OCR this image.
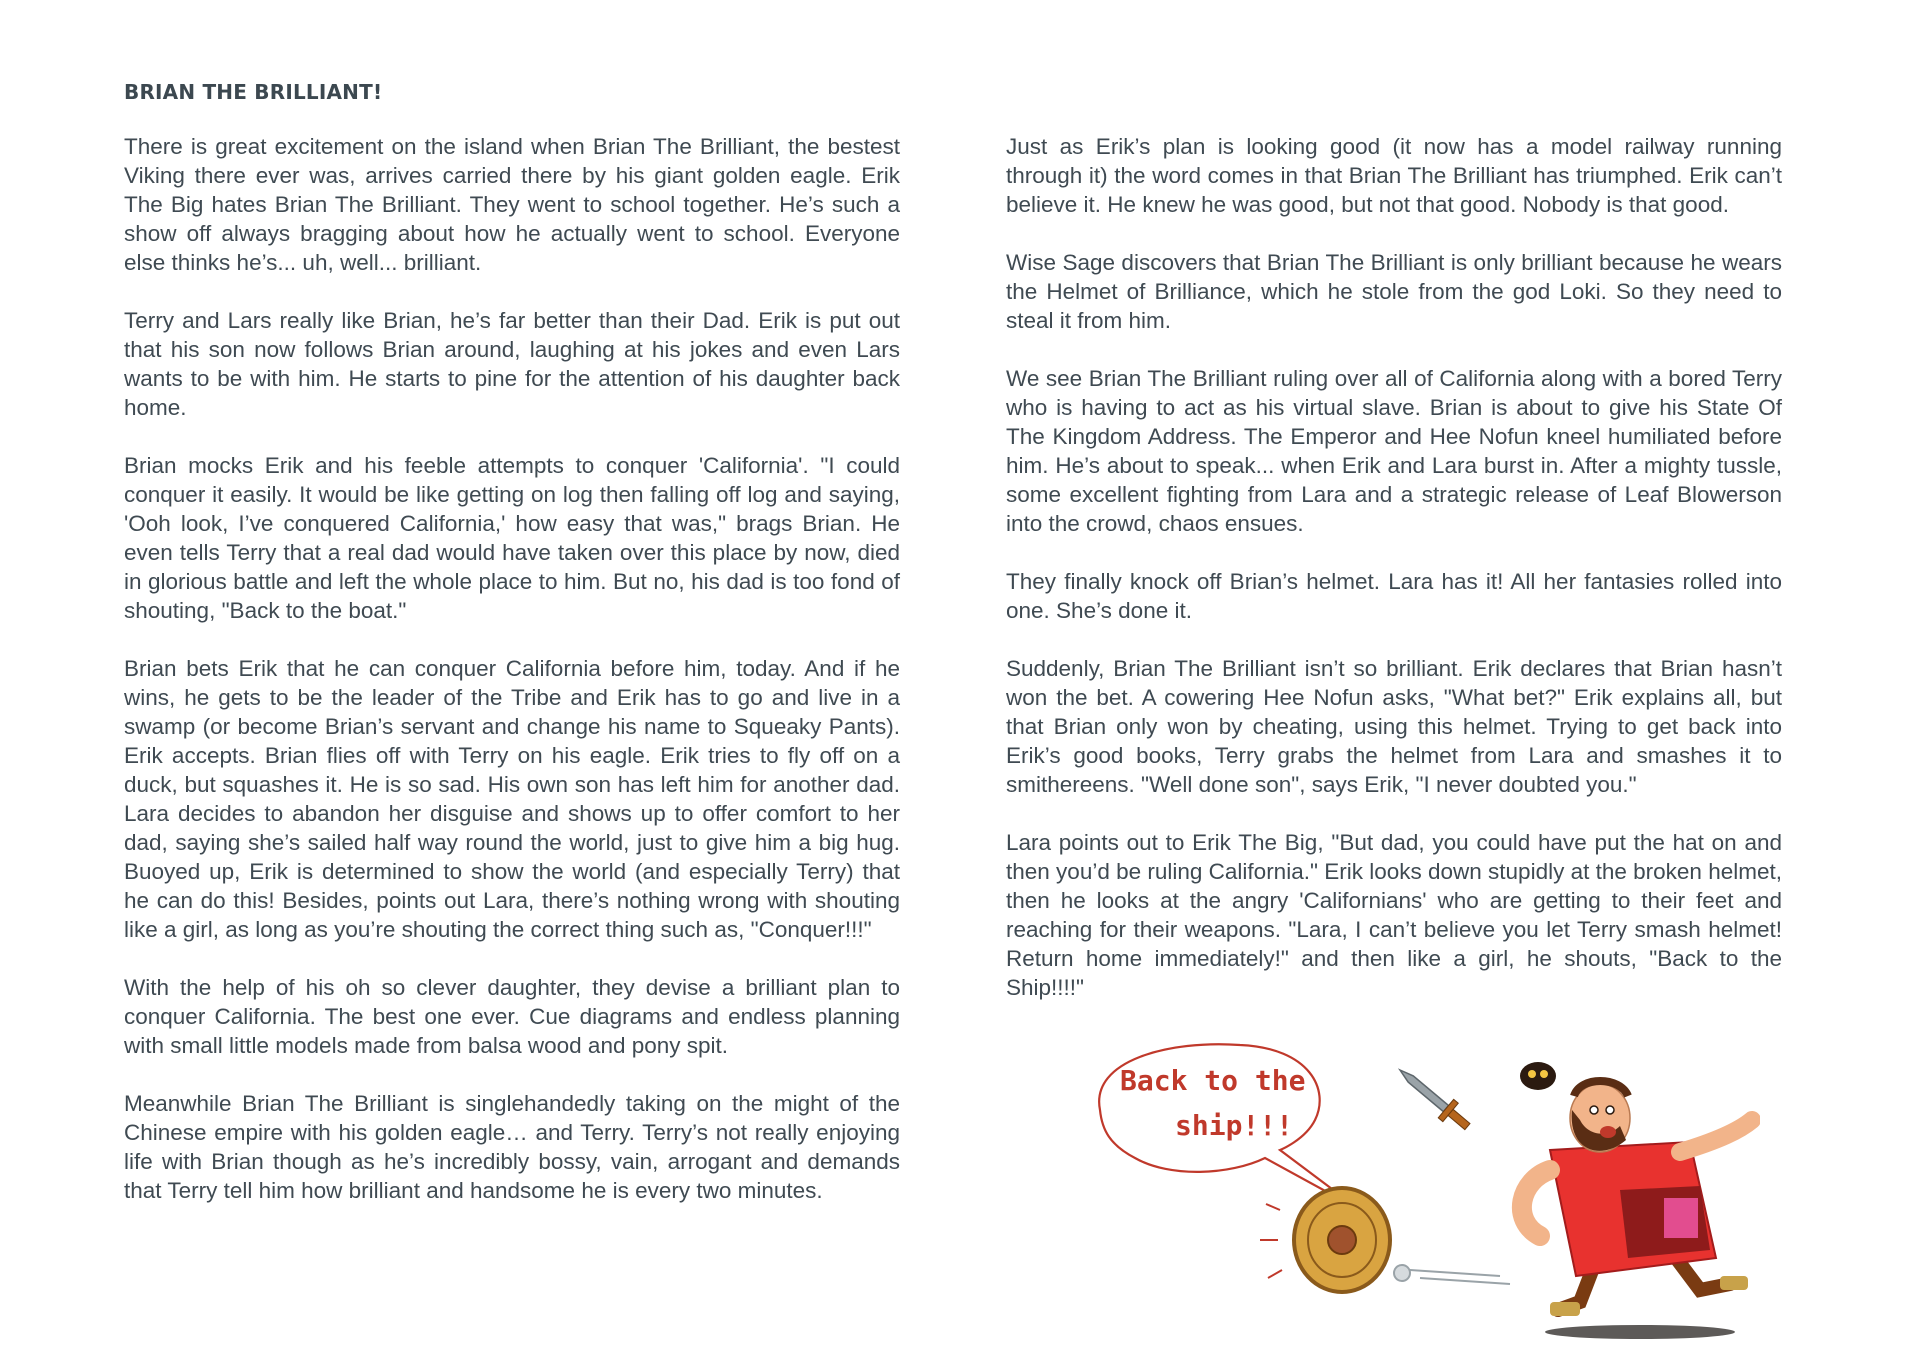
BRIAN THE BRILLIANT!

There is great excitement on the island when Brian The Brilliant, the bestest Viking there ever was, arrives carried there by his giant golden eagle. Erik The Big hates Brian The Brilliant. They went to school together. He’s such a show off always bragging about how he actually went to school. Everyone else thinks he’s... uh, well... brilliant.

Terry and Lars really like Brian, he’s far better than their Dad. Erik is put out that his son now follows Brian around, laughing at his jokes and even Lars wants to be with him. He starts to pine for the attention of his daughter back home.

Brian mocks Erik and his feeble attempts to conquer 'California'. "I could conquer it easily. It would be like getting on log then falling off log and saying, 'Ooh look, I’ve conquered California,' how easy that was," brags Brian. He even tells Terry that a real dad would have taken over this place by now, died in glorious battle and left the whole place to him. But no, his dad is too fond of shouting, "Back to the boat."

Brian bets Erik that he can conquer California before him, today. And if he wins, he gets to be the leader of the Tribe and Erik has to go and live in a swamp (or become Brian’s servant and change his name to Squeaky Pants). Erik accepts. Brian flies off with Terry on his eagle. Erik tries to fly off on a duck, but squashes it. He is so sad. His own son has left him for another dad. Lara decides to abandon her disguise and shows up to offer comfort to her dad, saying she’s sailed half way round the world, just to give him a big hug. Buoyed up, Erik is determined to show the world (and especially Terry) that he can do this! Besides, points out Lara, there’s nothing wrong with shouting like a girl, as long as you’re shouting the correct thing such as, "Conquer!!!"

With the help of his oh so clever daughter, they devise a brilliant plan to conquer California. The best one ever. Cue diagrams and endless planning with small little models made from balsa wood and pony spit.

Meanwhile Brian The Brilliant is singlehandedly taking on the might of the Chinese empire with his golden eagle… and Terry. Terry’s not really enjoying life with Brian though as he’s incredibly bossy, vain, arrogant and demands that Terry tell him how brilliant and handsome he is every two minutes.

Just as Erik’s plan is looking good (it now has a model railway running through it) the word comes in that Brian The Brilliant has triumphed. Erik can’t believe it. He knew he was good, but not that good. Nobody is that good.

Wise Sage discovers that Brian The Brilliant is only brilliant because he wears the Helmet of Brilliance, which he stole from the god Loki. So they need to steal it from him.

We see Brian The Brilliant ruling over all of California along with a bored Terry who is having to act as his virtual slave. Brian is about to give his State Of The Kingdom Address. The Emperor and Hee Nofun kneel humiliated before him. He’s about to speak... when Erik and Lara burst in. After a mighty tussle, some excellent fighting from Lara and a strategic release of Leaf Blowerson into the crowd, chaos ensues.

They finally knock off Brian’s helmet. Lara has it! All her fantasies rolled into one. She’s done it.

Suddenly, Brian The Brilliant isn’t so brilliant. Erik declares that Brian hasn’t won the bet. A cowering Hee Nofun asks, "What bet?" Erik explains all, but that Brian only won by cheating, using this helmet. Trying to get back into Erik’s good books, Terry grabs the helmet from Lara and smashes it to smithereens. "Well done son", says Erik, "I never doubted you."

Lara points out to Erik The Big, "But dad, you could have put the hat on and then you’d be ruling California." Erik looks down stupidly at the broken helmet, then he looks at the angry 'Californians' who are getting to their feet and reaching for their weapons. "Lara, I can’t believe you let Terry smash helmet! Return home immediately!" and then like a girl, he shouts, "Back to the Ship!!!!"

Back to the
ship!!!
